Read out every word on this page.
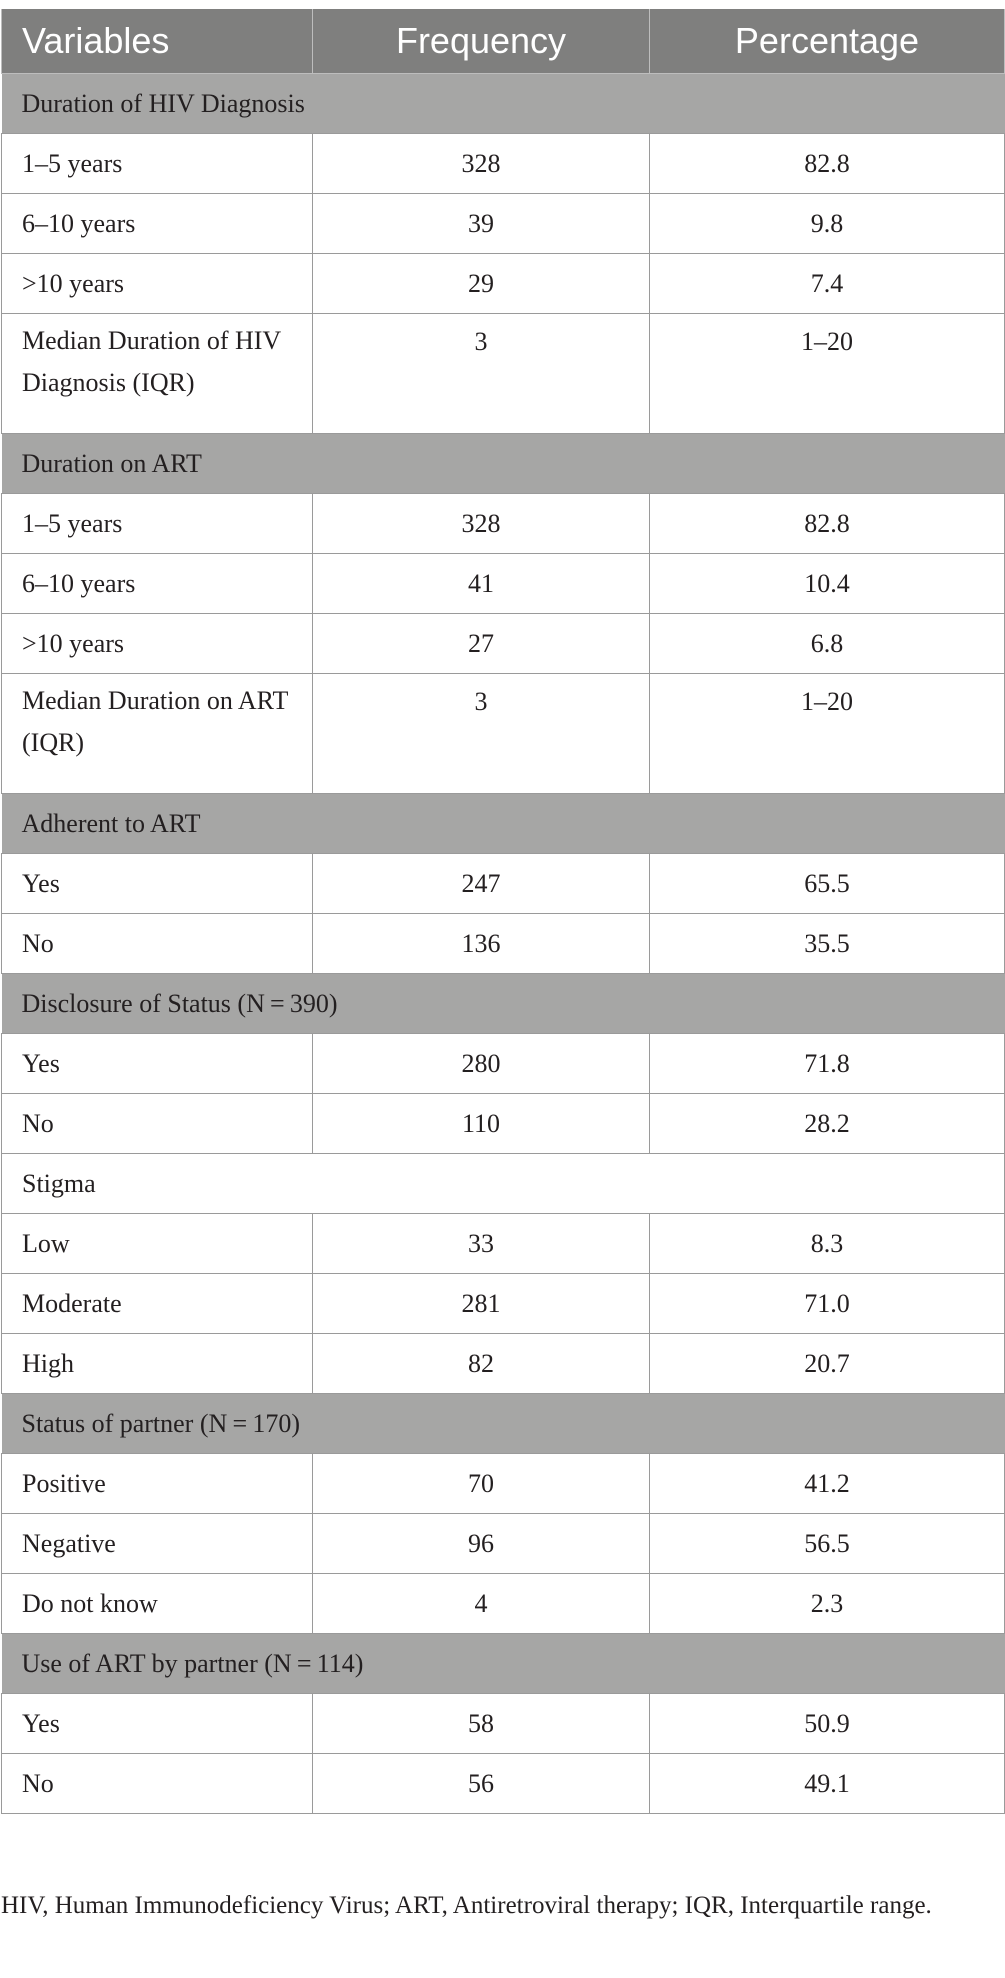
Variables	Frequency	Percentage
Duration of HIV Diagnosis		
1–5 years	328	82.8
6–10 years	39	9.8
>10 years	29	7.4
Median Duration of HIV Diagnosis (IQR)	3	1–20
Duration on ART		
1–5 years	328	82.8
6–10 years	41	10.4
>10 years	27	6.8
Median Duration on ART (IQR)	3	1–20
Adherent to ART		
Yes	247	65.5
No	136	35.5
Disclosure of Status (N = 390)		
Yes	280	71.8
No	110	28.2
Stigma		
Low	33	8.3
Moderate	281	71.0
High	82	20.7
Status of partner (N = 170)		
Positive	70	41.2
Negative	96	56.5
Do not know	4	2.3
Use of ART by partner (N = 114)		
Yes	58	50.9
No	56	49.1
HIV, Human Immunodeficiency Virus; ART, Antiretroviral therapy; IQR, Interquartile range.
